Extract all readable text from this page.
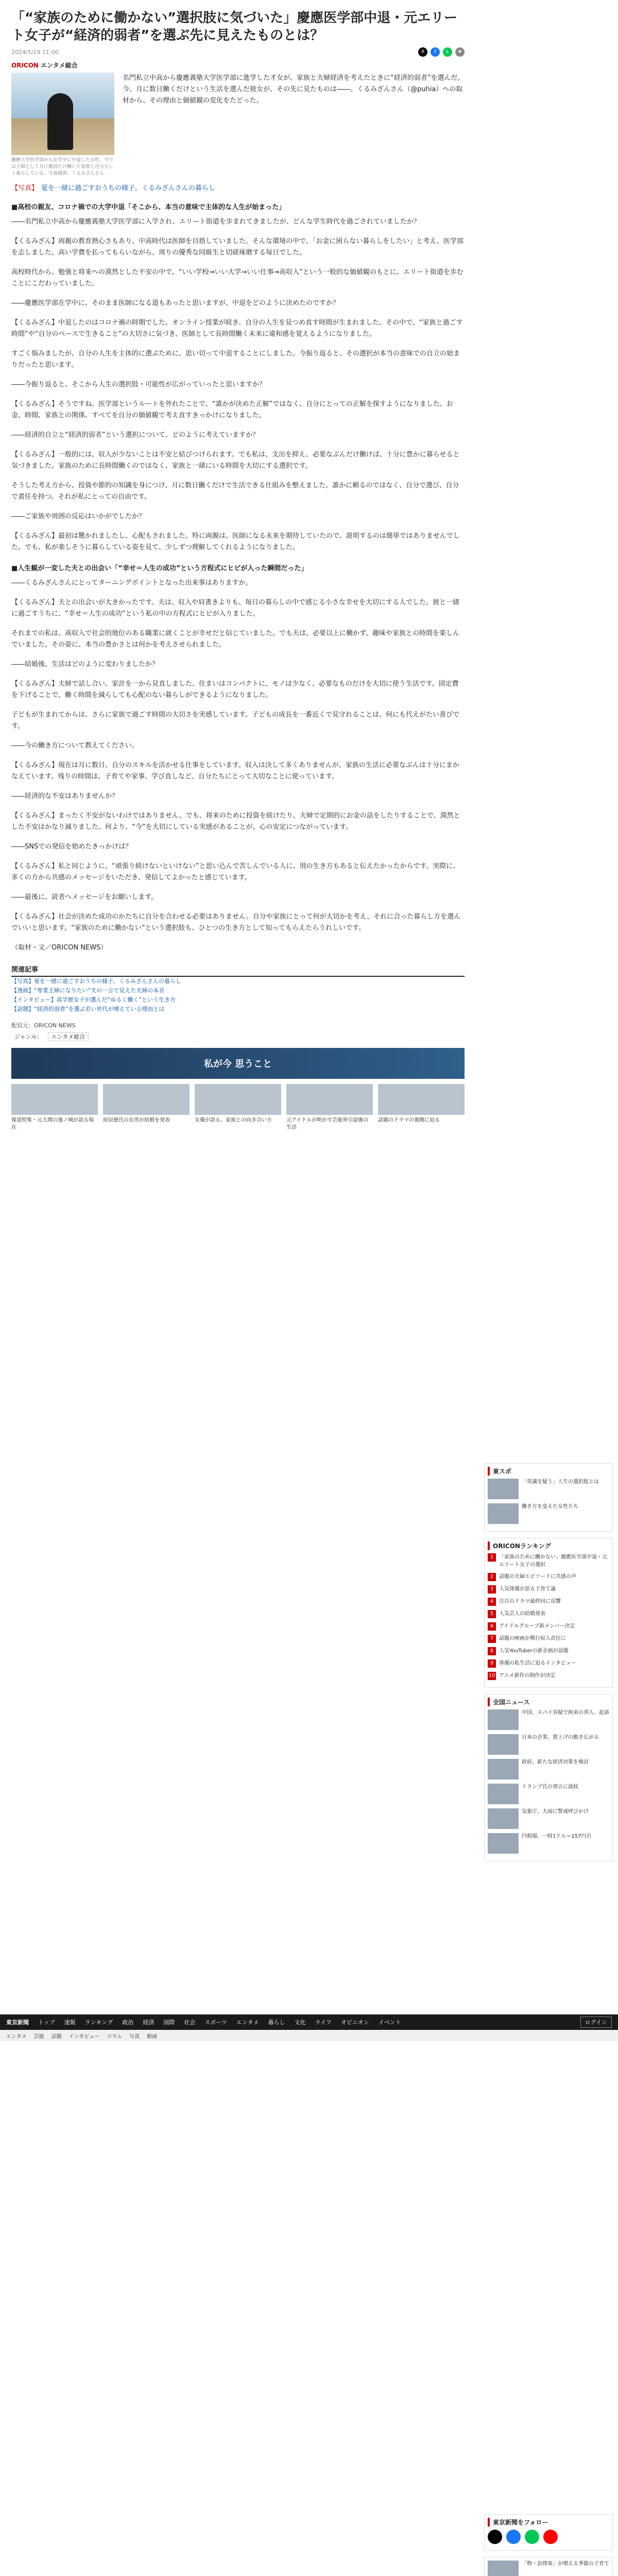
「“家族のために働かない”選択肢に気づいた」慶應医学部中退・元エリート女子が“経済的弱者”を選ぶ先に見えたものとは？
2024/5/19 11:00	X	f	L	★
ORICON エンタメ総合
慶應大学医学部から在学中に中退した女性。今では主婦として月に数回だけ働いて家族と自分らしく暮らしている。写真提供：くるみざんさん
名門私立中高から慶應義塾大学医学部に進学した才女が、家族と夫婦経済を考えたときに“経済的弱者”を選んだ。今、月に数日働くだけという生活を選んだ彼女が、その先に見たものは――。くるみざんさん（@puhia）への取材から、その理由と価値観の変化をたどった。
【写真】 夏を一緒に過ごすおうちの様子。くるみざんさんの暮らし
■高校の親友、コロナ禍での大学中退「そこから、本当の意味で主体的な人生が始まった」

――名門私立中高から慶應義塾大学医学部に入学され、エリート街道を歩まれてきましたが、どんな学生時代を過ごされていましたか？

【くるみざん】両親の教育熱心さもあり、中高時代は医師を目指していました。そんな環境の中で、「お金に困らない暮らしをしたい」と考え、医学部を志しました。高い学費を払ってもらいながら、周りの優秀な同級生と切磋琢磨する毎日でした。

高校時代から、勉強と将来への漠然とした不安の中で、“いい学校→いい大学→いい仕事→高収入”という一般的な価値観のもとに、エリート街道を歩むことにこだわっていました。

――慶應医学部在学中に、そのまま医師になる道もあったと思いますが、中退をどのように決めたのですか？

【くるみざん】中退したのはコロナ禍の時期でした。オンライン授業が続き、自分の人生を見つめ直す時間が生まれました。その中で、“家族と過ごす時間”や“自分のペースで生きること”の大切さに気づき、医師として長時間働く未来に違和感を覚えるようになりました。

すごく悩みましたが、自分の人生を主体的に選ぶために、思い切って中退することにしました。今振り返ると、その選択が本当の意味での自立の始まりだったと思います。

――今振り返ると、そこから人生の選択肢・可能性が広がっていったと思いますか？

【くるみざん】そうですね。医学部というルートを外れたことで、“誰かが決めた正解”ではなく、自分にとっての正解を探すようになりました。お金、時間、家族との関係、すべてを自分の価値観で考え直すきっかけになりました。

――経済的自立と“経済的弱者”という選択について、どのように考えていますか？

【くるみざん】一般的には、収入が少ないことは不安と結びつけられます。でも私は、支出を抑え、必要なぶんだけ働けば、十分に豊かに暮らせると気づきました。家族のために長時間働くのではなく、家族と一緒にいる時間を大切にする選択です。

そうした考え方から、投資や節約の知識を身につけ、月に数日働くだけで生活できる仕組みを整えました。誰かに頼るのではなく、自分で選び、自分で責任を持つ。それが私にとっての自由です。

――ご家族や周囲の反応はいかがでしたか？

【くるみざん】最初は驚かれましたし、心配もされました。特に両親は、医師になる未来を期待していたので、説明するのは簡単ではありませんでした。でも、私が楽しそうに暮らしている姿を見て、少しずつ理解してくれるようになりました。

■人生観が一変した夫との出会い「“幸せ＝人生の成功”という方程式にヒビが入った瞬間だった」

――くるみざんさんにとってターニングポイントとなった出来事はありますか。

【くるみざん】夫との出会いが大きかったです。夫は、収入や肩書きよりも、毎日の暮らしの中で感じる小さな幸せを大切にする人でした。彼と一緒に過ごすうちに、“幸せ＝人生の成功”という私の中の方程式にヒビが入りました。

それまでの私は、高収入で社会的地位のある職業に就くことが幸せだと信じていました。でも夫は、必要以上に働かず、趣味や家族との時間を楽しんでいました。その姿に、本当の豊かさとは何かを考えさせられました。

――結婚後、生活はどのように変わりましたか？

【くるみざん】夫婦で話し合い、家計を一から見直しました。住まいはコンパクトに、モノは少なく、必要なものだけを大切に使う生活です。固定費を下げることで、働く時間を減らしても心配のない暮らしができるようになりました。

子どもが生まれてからは、さらに家族で過ごす時間の大切さを実感しています。子どもの成長を一番近くで見守れることは、何にも代えがたい喜びです。

――今の働き方について教えてください。

【くるみざん】現在は月に数日、自分のスキルを活かせる仕事をしています。収入は決して多くありませんが、家族の生活に必要なぶんは十分にまかなえています。残りの時間は、子育てや家事、学び直しなど、自分たちにとって大切なことに使っています。

――経済的な不安はありませんか？

【くるみざん】まったく不安がないわけではありません。でも、将来のために投資を続けたり、夫婦で定期的にお金の話をしたりすることで、漠然とした不安はかなり減りました。何より、“今”を大切にしている実感があることが、心の安定につながっています。

――SNSでの発信を始めたきっかけは？

【くるみざん】私と同じように、“頑張り続けないといけない”と思い込んで苦しんでいる人に、別の生き方もあると伝えたかったからです。実際に、多くの方から共感のメッセージをいただき、発信してよかったと感じています。

――最後に、読者へメッセージをお願いします。

【くるみざん】社会が決めた成功のかたちに自分を合わせる必要はありません。自分や家族にとって何が大切かを考え、それに合った暮らし方を選んでいいと思います。“家族のために働かない”という選択肢も、ひとつの生き方として知ってもらえたらうれしいです。

（取材・文／ORICON NEWS）

関連記事
【写真】夏を一緒に過ごすおうちの様子。くるみざんさんの暮らし
【漫画】“専業主婦になりたい”夫の一言で見えた夫婦の本音
【インタビュー】高学歴女子が選んだ“ゆるく働く”という生き方
【話題】“経済的弱者”を選ぶ若い世代が増えている理由とは
配信元：ORICON NEWS
ジャンル： エンタメ総合
私が今 思うこと
報道特集・元大関の逸ノ城が語る現在
原辰徳氏の長男が結婚を発表	女優が語る、家族との向き合い方	元アイドルが明かす芸能界引退後の生活
話題のドラマの裏側に迫る
東スポ
「常識を疑う」人生の選択肢とは
働き方を変えた女性たち
ORICONランキング
1	「家族のために働かない」慶應医学部中退・元エリート女子の選択
2	話題の夫婦エピソードに共感の声
3	人気俳優が語る子育て論
4	注目のドラマ最終回に反響
5	人気芸人の結婚発表
6	アイドルグループ新メンバー決定
7	話題の映画が興行収入首位に
8	人気YouTuberの新企画が話題
9	俳優の私生活に迫るインタビュー
10 アニメ新作の制作が決定
全国ニュース
中国、スパイ容疑で拘束の邦人、起訴
日本の企業、賃上げの動き広がる
政府、新たな経済対策を検討
トランプ氏の発言に波紋
気象庁、大雨に警戒呼びかけ
円相場、一時1ドル＝157円台
東京新聞 トップ 速報 ランキング 政治 経済 国際 社会 スポーツ エンタメ 暮らし 文化 ライフ オピニオン イベント	ログイン
エンタメ 芸能 話題 インタビュー コラム 写真 動画
東京新聞をフォロー
「物・訪問客」が増える季節の子育て
